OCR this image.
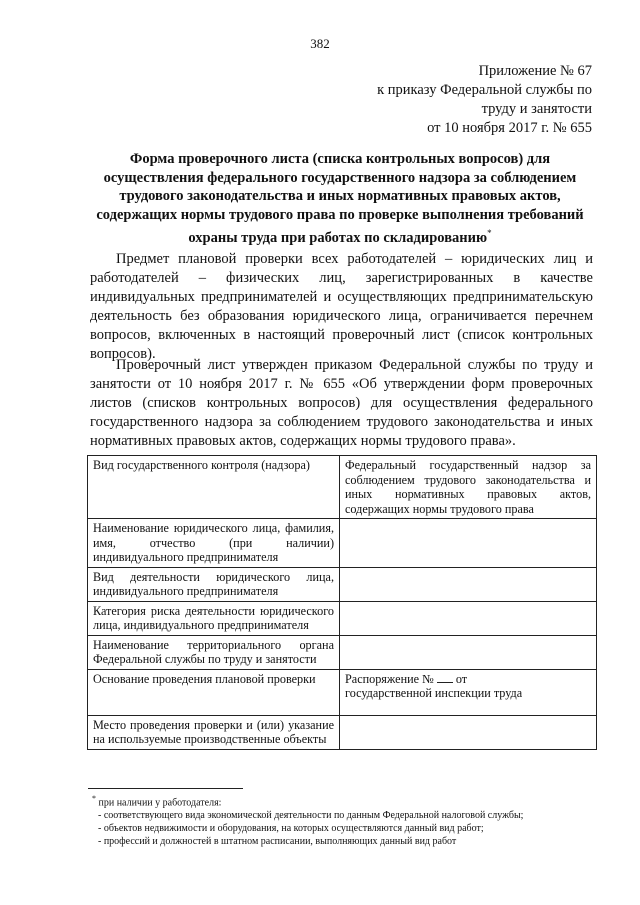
382
Приложение № 67
к приказу Федеральной службы по
труду и занятости
от 10 ноября 2017 г. № 655
Форма проверочного листа (списка контрольных вопросов) для осуществления федерального государственного надзора за соблюдением трудового законодательства и иных нормативных правовых актов, содержащих нормы трудового права по проверке выполнения требований охраны труда при работах по складированию*
Предмет плановой проверки всех работодателей – юридических лиц и работодателей – физических лиц, зарегистрированных в качестве индивидуальных предпринимателей и осуществляющих предпринимательскую деятельность без образования юридического лица, ограничивается перечнем вопросов, включенных в настоящий проверочный лист (список контрольных вопросов).
Проверочный лист утвержден приказом Федеральной службы по труду и занятости от 10 ноября 2017 г. № 655 «Об утверждении форм проверочных листов (списков контрольных вопросов) для осуществления федерального государственного надзора за соблюдением трудового законодательства и иных нормативных правовых актов, содержащих нормы трудового права».
Вид государственного контроля (надзора)	Федеральный государственный надзор за соблюдением трудового законодательства и иных нормативных правовых актов, содержащих нормы трудового права
Наименование юридического лица, фамилия, имя, отчество (при наличии) индивидуального предпринимателя	
Вид деятельности юридического лица, индивидуального предпринимателя	
Категория риска деятельности юридического лица, индивидуального предпринимателя	
Наименование территориального органа Федеральной службы по труду и занятости	
Основание проведения плановой проверки	Распоряжение №  от
государственной инспекции труда

Место проведения проверки и (или) указание на используемые производственные объекты	
* при наличии у работодателя:
- соответствующего вида экономической деятельности по данным Федеральной налоговой службы;
- объектов недвижимости и оборудования, на которых осуществляются данный вид работ;
- профессий и должностей в штатном расписании, выполняющих данный вид работ
